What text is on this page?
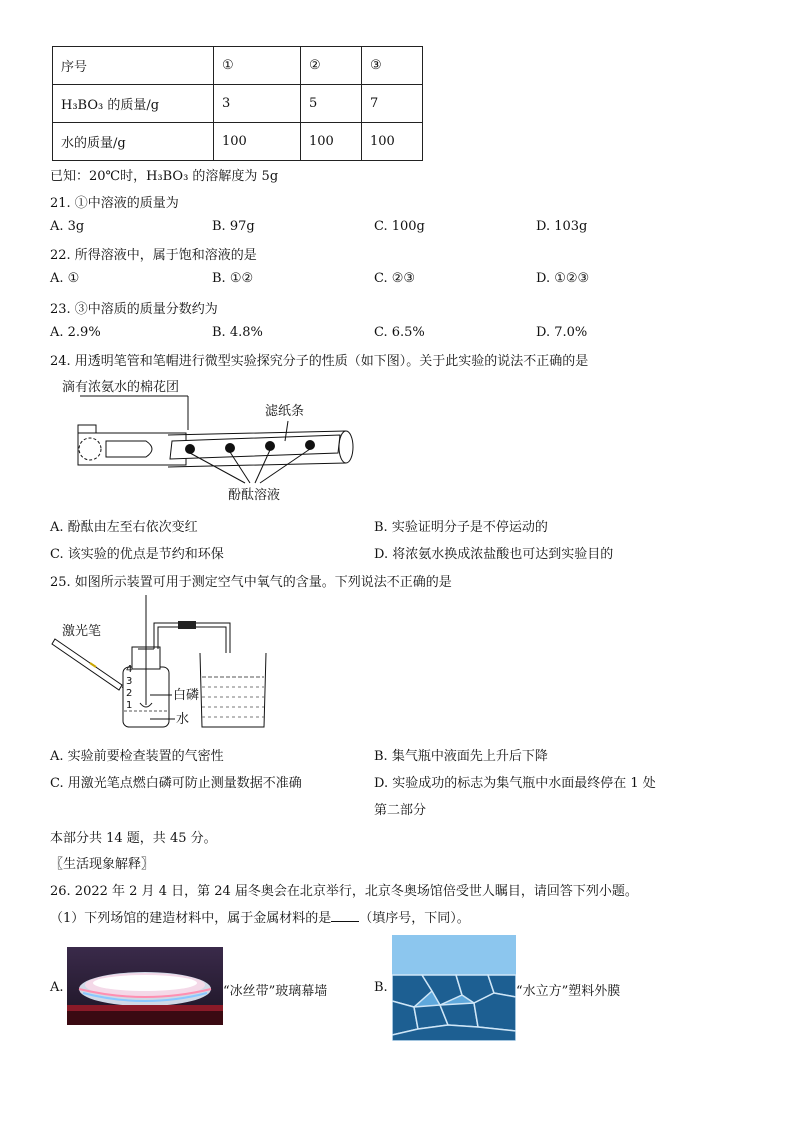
序号	①	②	③
H₃BO₃ 的质量/g	3	5	7
水的质量/g	100	100	100
已知：20℃时，H₃BO₃ 的溶解度为 5g
21. ①中溶液的质量为
A. 3g	B. 97g	C. 100g	D. 103g
22. 所得溶液中，属于饱和溶液的是
A. ①	B. ①②	C. ②③	D. ①②③
23. ③中溶质的质量分数约为
A. 2.9%	B. 4.8%	C. 6.5%	D. 7.0%
24. 用透明笔管和笔帽进行微型实验探究分子的性质（如下图）。关于此实验的说法不正确的是
滴有浓氨水的棉花团
滤纸条
酚酞溶液
A. 酚酞由左至右依次变红	B. 实验证明分子是不停运动的
C. 该实验的优点是节约和环保	D. 将浓氨水换成浓盐酸也可达到实验目的
25. 如图所示装置可用于测定空气中氧气的含量。下列说法不正确的是
激光笔
4
3
2
1
白磷
水
A. 实验前要检查装置的气密性	B. 集气瓶中液面先上升后下降
C. 用激光笔点燃白磷可防止测量数据不准确	D. 实验成功的标志为集气瓶中水面最终停在 1 处
第二部分
本部分共 14 题，共 45 分。
〖生活现象解释〗
26. 2022 年 2 月 4 日，第 24 届冬奥会在北京举行，北京冬奥场馆倍受世人瞩目，请回答下列小题。
（1）下列场馆的建造材料中，属于金属材料的是 （填序号，下同）。
A.	“冰丝带”玻璃幕墙	B.	“水立方”塑料外膜
